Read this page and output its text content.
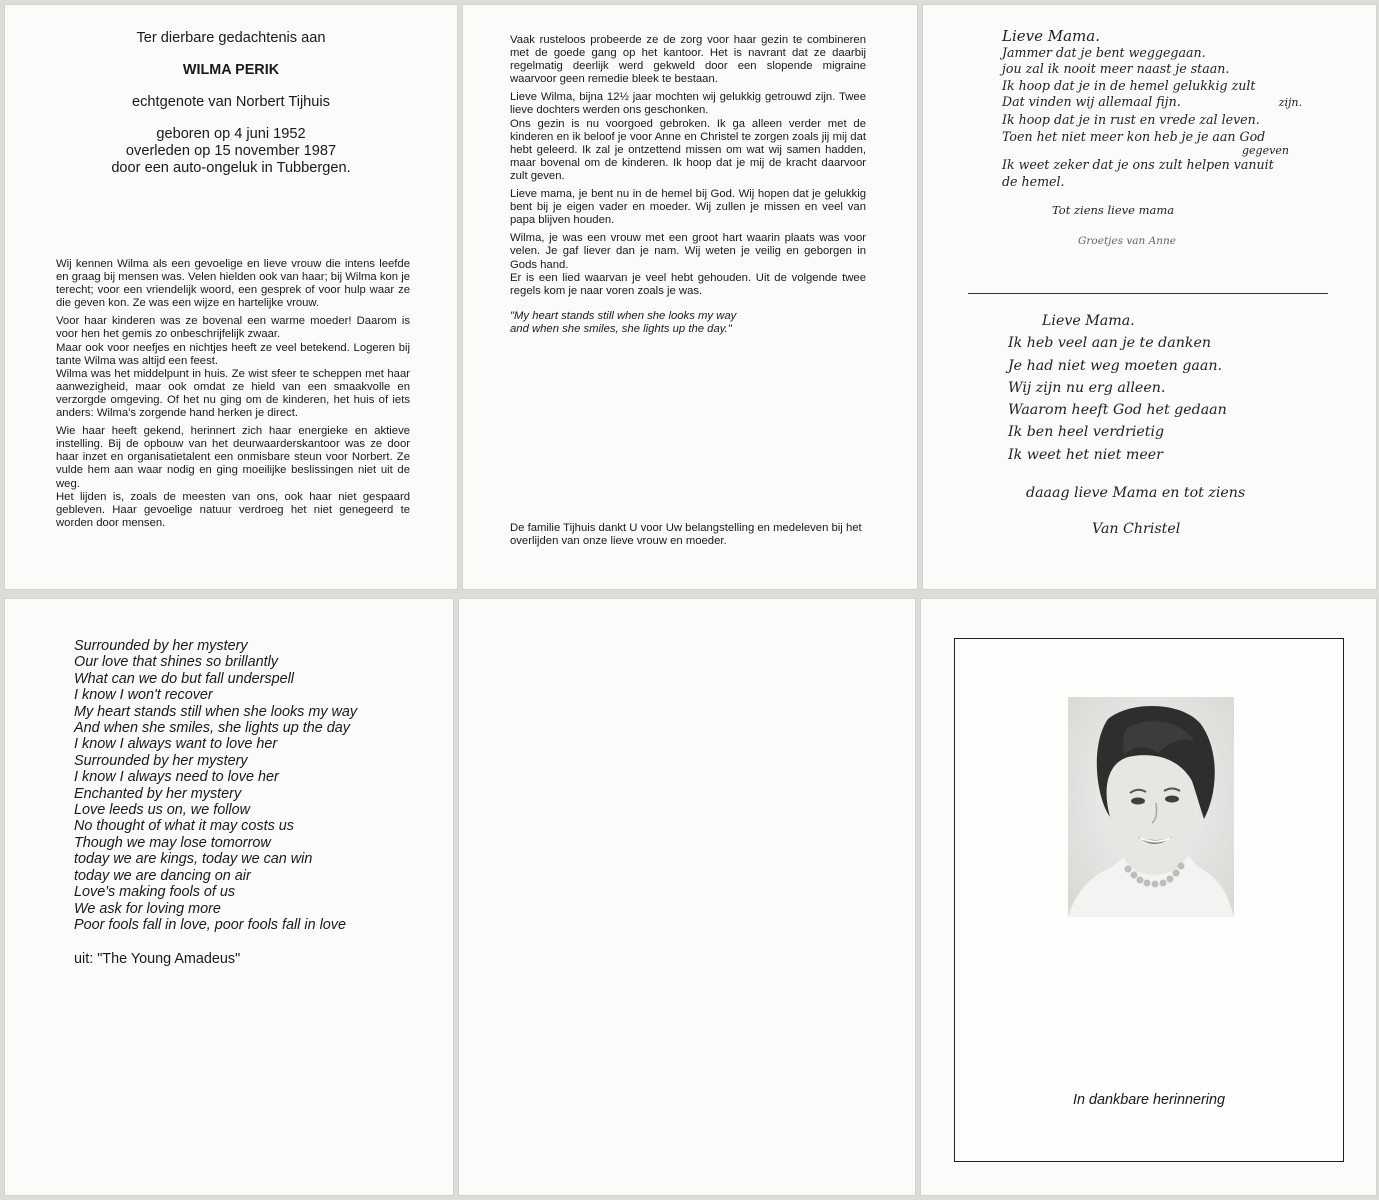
Ter dierbare gedachtenis aan
WILMA PERIK
echtgenote van Norbert Tijhuis
geboren op 4 juni 1952
overleden op 15 november 1987
door een auto-ongeluk in Tubbergen.

Wij kennen Wilma als een gevoelige en lieve vrouw die intens leefde en graag bij mensen was. Velen hielden ook van haar; bij Wilma kon je terecht; voor een vriendelijk woord, een gesprek of voor hulp waar ze die geven kon. Ze was een wijze en hartelijke vrouw.

Voor haar kinderen was ze bovenal een warme moeder! Daarom is voor hen het gemis zo onbeschrijfelijk zwaar.

Maar ook voor neefjes en nichtjes heeft ze veel betekend. Logeren bij tante Wilma was altijd een feest.

Wilma was het middelpunt in huis. Ze wist sfeer te scheppen met haar aanwezigheid, maar ook omdat ze hield van een smaakvolle en verzorgde omgeving. Of het nu ging om de kinderen, het huis of iets anders: Wilma's zorgende hand herken je direct.

Wie haar heeft gekend, herinnert zich haar energieke en aktieve instelling. Bij de opbouw van het deurwaarderskantoor was ze door haar inzet en organisatietalent een onmisbare steun voor Norbert. Ze vulde hem aan waar nodig en ging moeilijke beslissingen niet uit de weg.

Het lijden is, zoals de meesten van ons, ook haar niet gespaard gebleven. Haar gevoelige natuur verdroeg het niet genegeerd te worden door mensen.

Vaak rusteloos probeerde ze de zorg voor haar gezin te combineren met de goede gang op het kantoor. Het is navrant dat ze daarbij regelmatig deerlijk werd gekweld door een slopende migraine waarvoor geen remedie bleek te bestaan.

Lieve Wilma, bijna 12½ jaar mochten wij gelukkig getrouwd zijn. Twee lieve dochters werden ons geschonken.

Ons gezin is nu voorgoed gebroken. Ik ga alleen verder met de kinderen en ik beloof je voor Anne en Christel te zorgen zoals jij mij dat hebt geleerd. Ik zal je ontzettend missen om wat wij samen hadden, maar bovenal om de kinderen. Ik hoop dat je mij de kracht daarvoor zult geven.

Lieve mama, je bent nu in de hemel bij God. Wij hopen dat je gelukkig bent bij je eigen vader en moeder. Wij zullen je missen en veel van papa blijven houden.

Wilma, je was een vrouw met een groot hart waarin plaats was voor velen. Je gaf liever dan je nam. Wij weten je veilig en geborgen in Gods hand.

Er is een lied waarvan je veel hebt gehouden. Uit de volgende twee regels kom je naar voren zoals je was.

"My heart stands still when she looks my way
and when she smiles, she lights up the day."

De familie Tijhuis dankt U voor Uw belangstelling en medeleven bij het overlijden van onze lieve vrouw en moeder.
Lieve Mama.
Jammer dat je bent weggegaan.
jou zal ik nooit meer naast je staan.
Ik hoop dat je in de hemel gelukkig zult
Dat vinden wij allemaal fijn.	zijn.
Ik hoop dat je in rust en vrede zal leven.
Toen het niet meer kon heb je je aan God
gegeven
Ik weet zeker dat je ons zult helpen vanuit
de hemel.
Tot ziens lieve mama
Groetjes van Anne
Lieve Mama.
Ik heb veel aan je te danken
Je had niet weg moeten gaan.
Wij zijn nu erg alleen.
Waarom heeft God het gedaan
Ik ben heel verdrietig
Ik weet het niet meer
daaag lieve Mama en tot ziens
Van Christel
Surrounded by her mystery
Our love that shines so brillantly
What can we do but fall underspell
I know I won't recover
My heart stands still when she looks my way
And when she smiles, she lights up the day
I know I always want to love her
Surrounded by her mystery
I know I always need to love her
Enchanted by her mystery
Love leeds us on, we follow
No thought of what it may costs us
Though we may lose tomorrow
today we are kings, today we can win
today we are dancing on air
Love's making fools of us
We ask for loving more
Poor fools fall in love, poor fools fall in love
uit: "The Young Amadeus"
In dankbare herinnering
